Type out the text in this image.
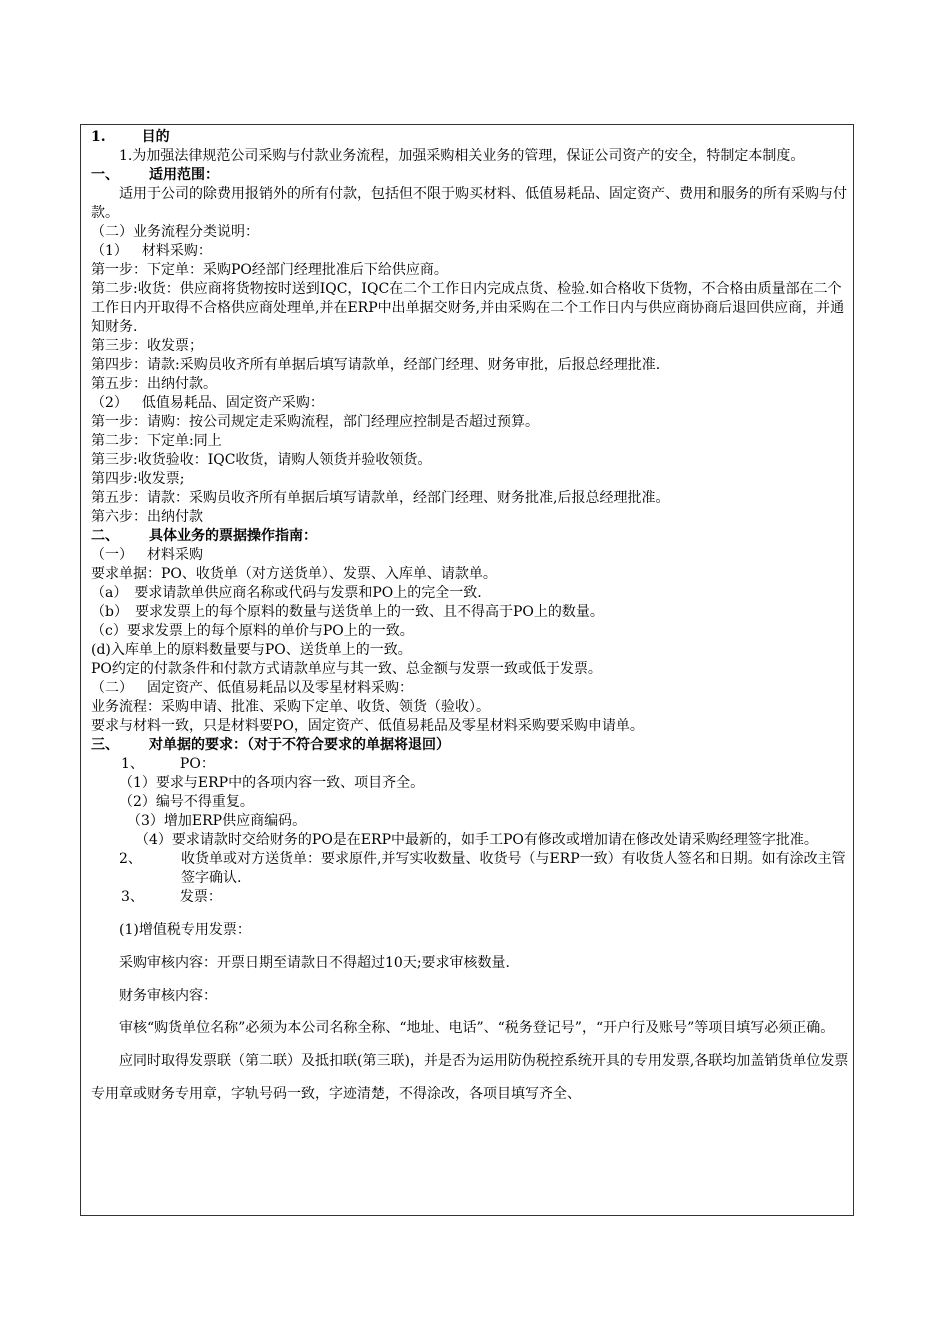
1.	目的
1.为加强法律规范公司采购与付款业务流程，加强采购相关业务的管理，保证公司资产的安全，特制定本制度。
一、 适用范围：
适用于公司的除费用报销外的所有付款，包括但不限于购买材料、低值易耗品、固定资产、费用和服务的所有采购与付款。
（二）业务流程分类说明：
（1） 材料采购：
第一步：下定单：采购PO经部门经理批准后下给供应商。
第二步:收货：供应商将货物按时送到IQC，IQC在二个工作日内完成点货、检验.如合格收下货物，不合格由质量部在二个工作日内开取得不合格供应商处理单,并在ERP中出单据交财务,并由采购在二个工作日内与供应商协商后退回供应商，并通知财务.
第三步：收发票；
第四步：请款:采购员收齐所有单据后填写请款单，经部门经理、财务审批，后报总经理批准.
第五步：出纳付款。
（2） 低值易耗品、固定资产采购：
第一步：请购：按公司规定走采购流程，部门经理应控制是否超过预算。
第二步：下定单:同上
第三步:收货验收：IQC收货，请购人领货并验收领货。
第四步:收发票;
第五步：请款：采购员收齐所有单据后填写请款单，经部门经理、财务批准,后报总经理批准。
第六步：出纳付款
二、 具体业务的票据操作指南：
（一） 材料采购
要求单据：PO、收货单（对方送货单）、发票、入库单、请款单。
（a）　要求请款单供应商名称或代码与发票和PO上的完全一致.
（b）　要求发票上的每个原料的数量与送货单上的一致、且不得高于PO上的数量。
（c）要求发票上的每个原料的单价与PO上的一致。
(d)入库单上的原料数量要与PO、送货单上的一致。
PO约定的付款条件和付款方式请款单应与其一致、总金额与发票一致或低于发票。
（二） 固定资产、低值易耗品以及零星材料采购：
业务流程：采购申请、批准、采购下定单、收货、领货（验收）。
要求与材料一致，只是材料要PO，固定资产、低值易耗品及零星材料采购要采购申请单。
三、 对单据的要求：（对于不符合要求的单据将退回）
1、	PO：
（1）要求与ERP中的各项内容一致、项目齐全。
（2）编号不得重复。
（3）增加ERP供应商编码。
（4）要求请款时交给财务的PO是在ERP中最新的，如手工PO有修改或增加请在修改处请采购经理签字批准。
2、	收货单或对方送货单：要求原件,并写实收数量、收货号（与ERP一致）有收货人签名和日期。如有涂改主管签字确认.
3、	发票：
(1)增值税专用发票：
采购审核内容：开票日期至请款日不得超过10天;要求审核数量.
财务审核内容：
审核“购货单位名称”必须为本公司名称全称、“地址、电话”、“税务登记号”，“开户行及账号”等项目填写必须正确。
应同时取得发票联（第二联）及抵扣联(第三联)，并是否为运用防伪税控系统开具的专用发票,各联均加盖销货单位发票专用章或财务专用章，字轨号码一致，字迹清楚，不得涂改，各项目填写齐全、
